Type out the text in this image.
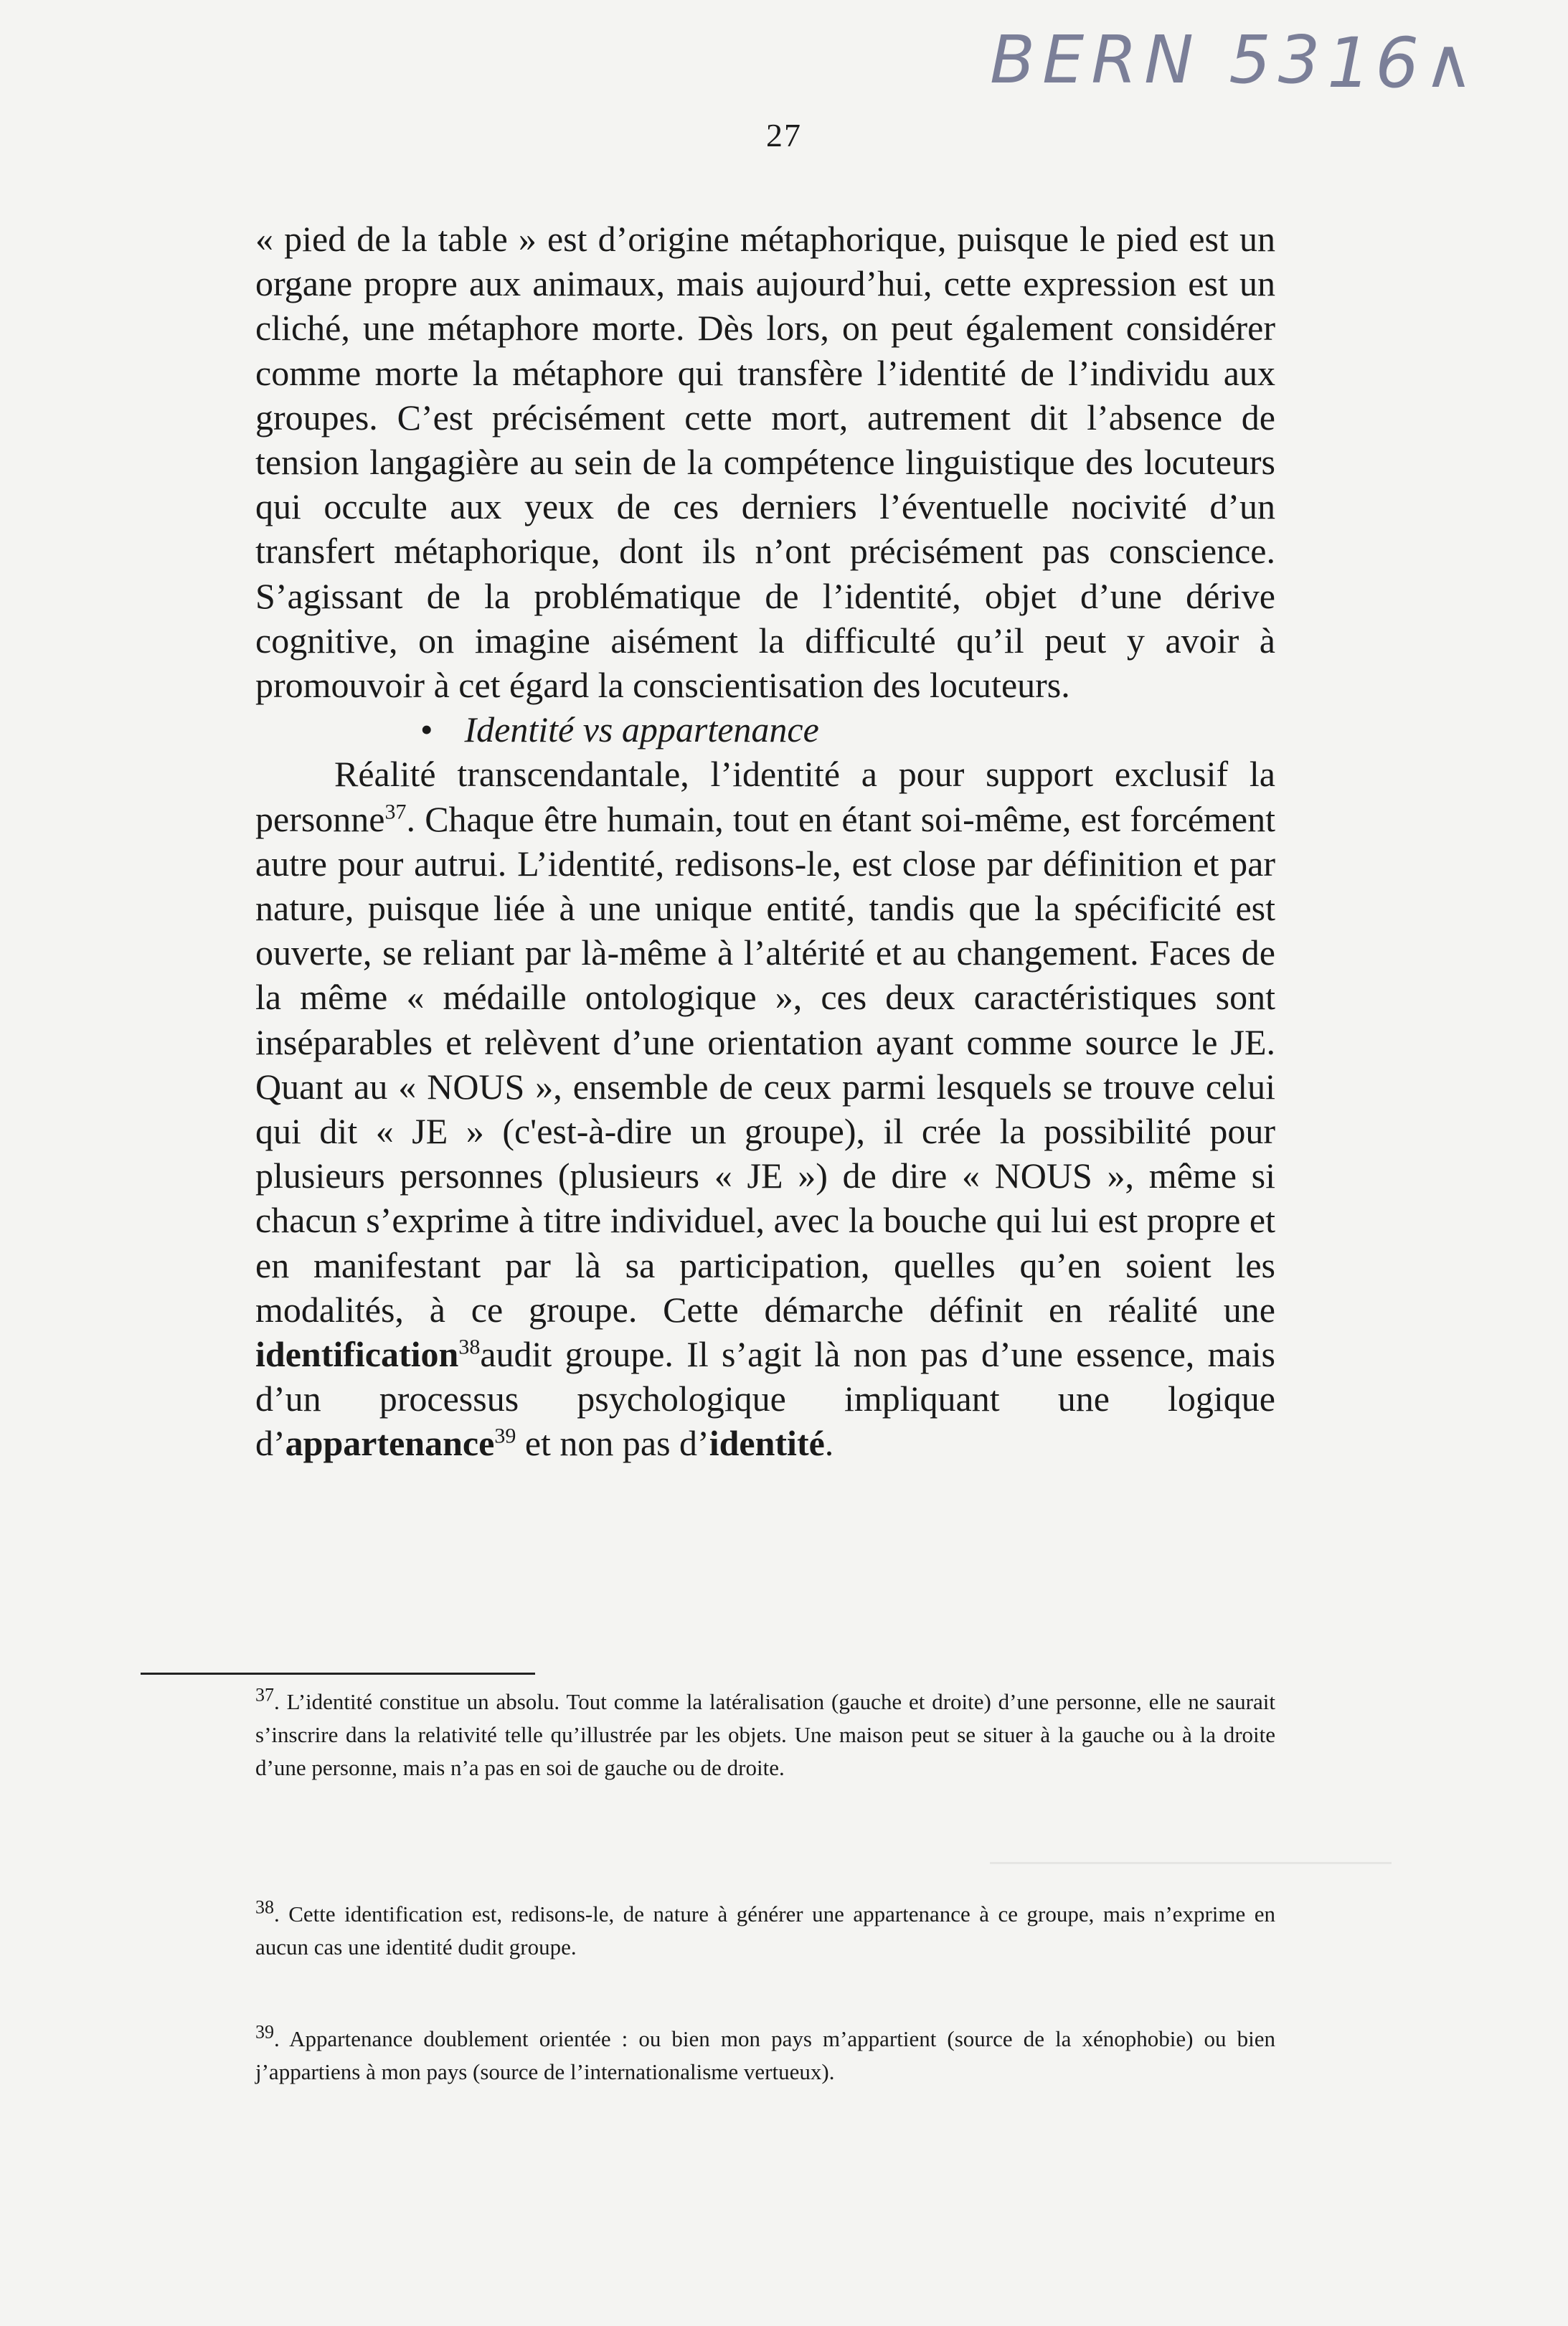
BERN 53 16∧
27

« pied de la table » est d’origine métaphorique, puisque le pied est un organe propre aux animaux, mais aujourd’hui, cette expression est un cliché, une métaphore morte. Dès lors, on peut également considérer comme morte la métaphore qui transfère l’identité de l’individu aux groupes. C’est précisément cette mort, autrement dit l’absence de tension langagière au sein de la compétence linguistique des locuteurs qui occulte aux yeux de ces derniers l’éventuelle nocivité d’un transfert métaphorique, dont ils n’ont précisément pas conscience. S’agissant de la problématique de l’identité, objet d’une dérive cognitive, on imagine aisément la difficulté qu’il peut y avoir à promouvoir à cet égard la conscientisation des locuteurs.

• Identité vs appartenance

Réalité transcendantale, l’identité a pour support exclusif la personne$^{37}$. Chaque être humain, tout en étant soi-même, est forcément autre pour autrui. L’identité, redisons-le, est close par définition et par nature, puisque liée à une unique entité, tandis que la spécificité est ouverte, se reliant par là-même à l’altérité et au changement. Faces de la même « médaille ontologique », ces deux caractéristiques sont inséparables et relèvent d’une orientation ayant comme source le JE. Quant au « NOUS », ensemble de ceux parmi lesquels se trouve celui qui dit « JE » (c'est-à-dire un groupe), il crée la possibilité pour plusieurs personnes (plusieurs « JE ») de dire « NOUS », même si chacun s’exprime à titre individuel, avec la bouche qui lui est propre et en manifestant par là sa participation, quelles qu’en soient les modalités, à ce groupe. Cette démarche définit en réalité une identification$^{38}$audit groupe. Il s’agit là non pas d’une essence, mais d’un processus psychologique impliquant une logique d’appartenance$^{39}$ et non pas d’identité.

$^{37}$. L’identité constitue un absolu. Tout comme la latéralisation (gauche et droite) d’une personne, elle ne saurait s’inscrire dans la relativité telle qu’illustrée par les objets. Une maison peut se situer à la gauche ou à la droite d’une personne, mais n’a pas en soi de gauche ou de droite.
$^{38}$. Cette identification est, redisons-le, de nature à générer une appartenance à ce groupe, mais n’exprime en aucun cas une identité dudit groupe.
$^{39}$. Appartenance doublement orientée : ou bien mon pays m’appartient (source de la xénophobie) ou bien j’appartiens à mon pays (source de l’internationalisme vertueux).
